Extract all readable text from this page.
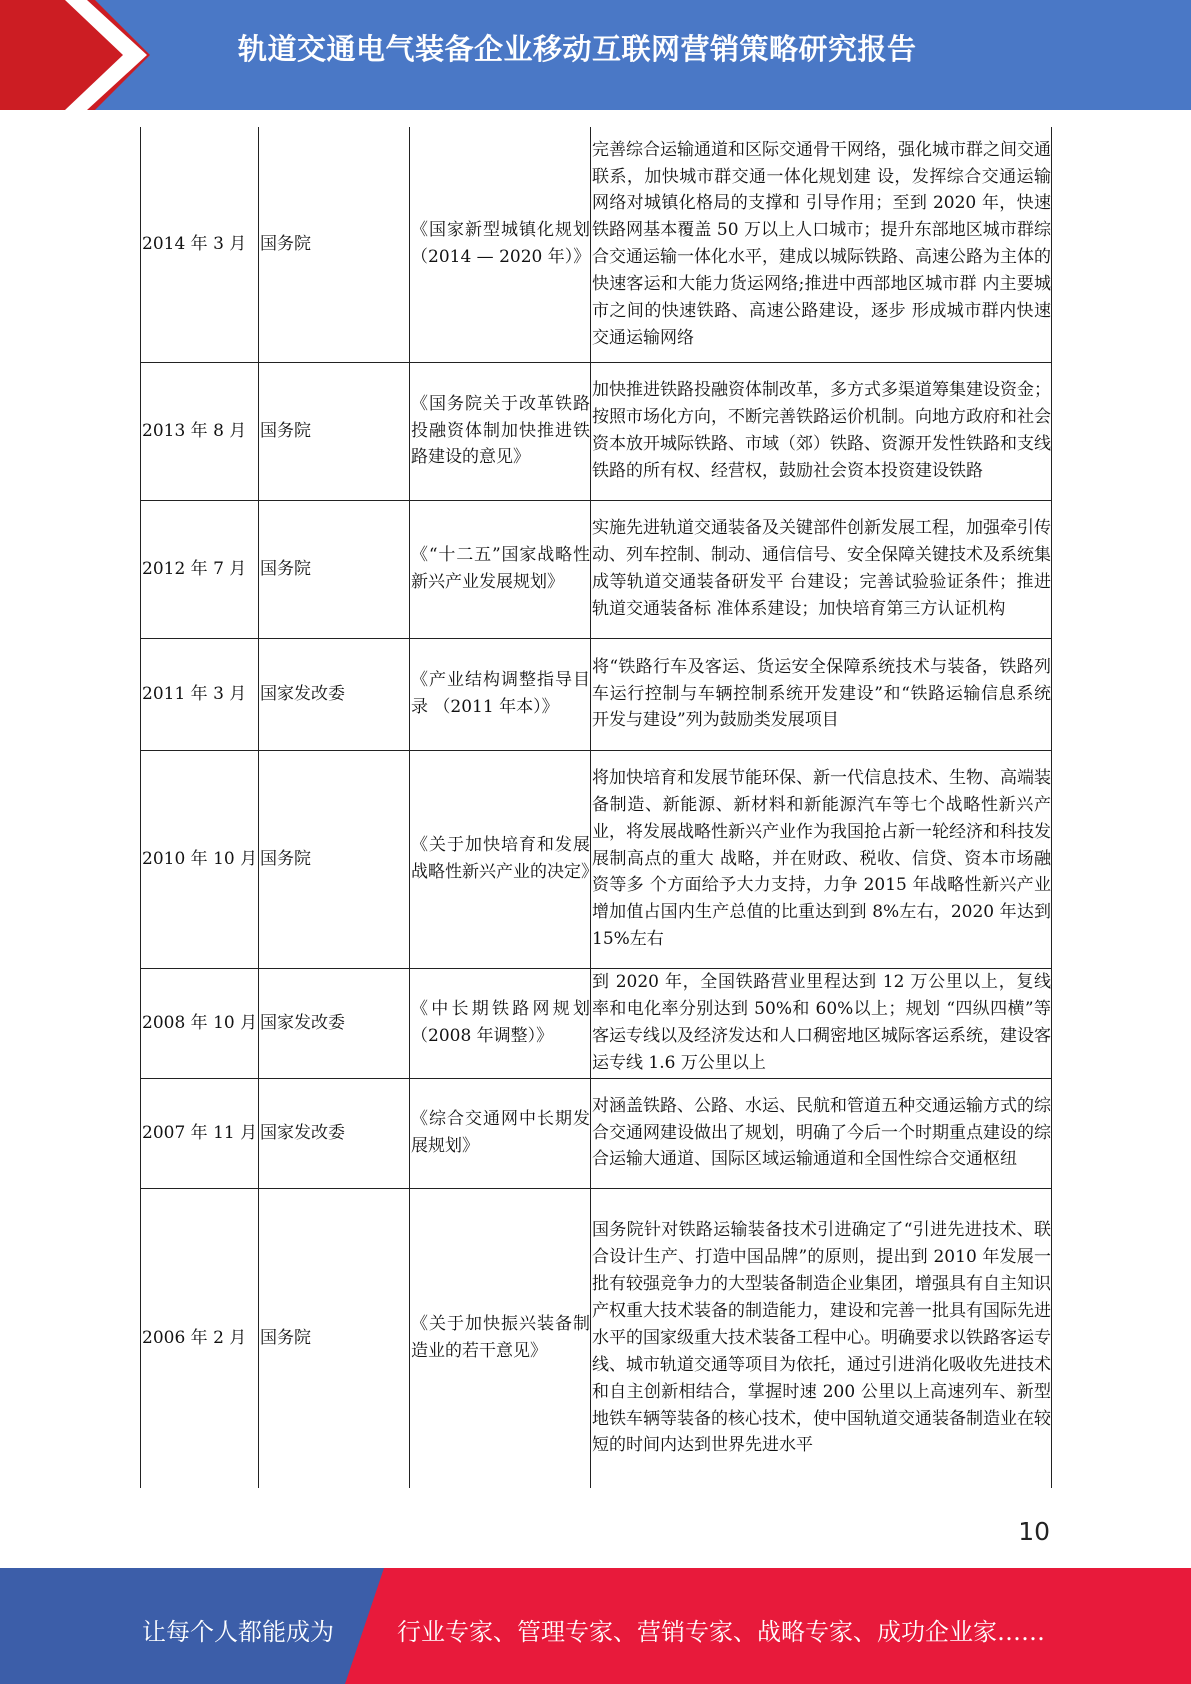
轨道交通电气装备企业移动互联网营销策略研究报告
2014 年 3 月	国务院	《国家新型城镇化规划（2014 — 2020 年）》	完善综合运输通道和区际交通骨干网络，强化城市群之间交通联系，加快城市群交通一体化规划建 设，发挥综合交通运输网络对城镇化格局的支撑和 引导作用；至到 2020 年，快速铁路网基本覆盖 50 万以上人口城市；提升东部地区城市群综合交通运输一体化水平，建成以城际铁路、高速公路为主体的快速客运和大能力货运网络;推进中西部地区城市群 内主要城市之间的快速铁路、高速公路建设，逐步 形成城市群内快速交通运输网络
2013 年 8 月	国务院	《国务院关于改革铁路投融资体制加快推进铁路建设的意见》	加快推进铁路投融资体制改革，多方式多渠道筹集建设资金；按照市场化方向，不断完善铁路运价机制。向地方政府和社会资本放开城际铁路、市域（郊）铁路、资源开发性铁路和支线铁路的所有权、经营权，鼓励社会资本投资建设铁路
2012 年 7 月	国务院	《“十二五”国家战略性新兴产业发展规划》	实施先进轨道交通装备及关键部件创新发展工程，加强牵引传动、列车控制、制动、通信信号、安全保障关键技术及系统集成等轨道交通装备研发平 台建设；完善试验验证条件；推进轨道交通装备标 准体系建设；加快培育第三方认证机构
2011 年 3 月	国家发改委	《产业结构调整指导目录 （2011 年本）》	将“铁路行车及客运、货运安全保障系统技术与装备，铁路列车运行控制与车辆控制系统开发建设”和“铁路运输信息系统开发与建设”列为鼓励类发展项目
2010 年 10 月	国务院	《关于加快培育和发展战略性新兴产业的决定》	将加快培育和发展节能环保、新一代信息技术、生物、高端装备制造、新能源、新材料和新能源汽车等七个战略性新兴产业，将发展战略性新兴产业作为我国抢占新一轮经济和科技发展制高点的重大 战略，并在财政、税收、信贷、资本市场融资等多 个方面给予大力支持，力争 2015 年战略性新兴产业增加值占国内生产总值的比重达到到 8%左右，2020 年达到 15%左右
2008 年 10 月	国家发改委	《中长期铁路网规划（2008 年调整）》	到 2020 年，全国铁路营业里程达到 12 万公里以上，复线率和电化率分别达到 50%和 60%以上；规划 “四纵四横”等客运专线以及经济发达和人口稠密地区城际客运系统，建设客运专线 1.6 万公里以上
2007 年 11 月	国家发改委	《综合交通网中长期发展规划》	对涵盖铁路、公路、水运、民航和管道五种交通运输方式的综合交通网建设做出了规划，明确了今后一个时期重点建设的综合运输大通道、国际区域运输通道和全国性综合交通枢纽
2006 年 2 月	国务院	《关于加快振兴装备制造业的若干意见》	国务院针对铁路运输装备技术引进确定了“引进先进技术、联合设计生产、打造中国品牌”的原则，提出到 2010 年发展一批有较强竞争力的大型装备制造企业集团，增强具有自主知识产权重大技术装备的制造能力，建设和完善一批具有国际先进水平的国家级重大技术装备工程中心。明确要求以铁路客运专线、城市轨道交通等项目为依托，通过引进消化吸收先进技术和自主创新相结合，掌握时速 200 公里以上高速列车、新型地铁车辆等装备的核心技术，使中国轨道交通装备制造业在较短的时间内达到世界先进水平
10
让每个人都能成为	行业专家、管理专家、营销专家、战略专家、成功企业家……
